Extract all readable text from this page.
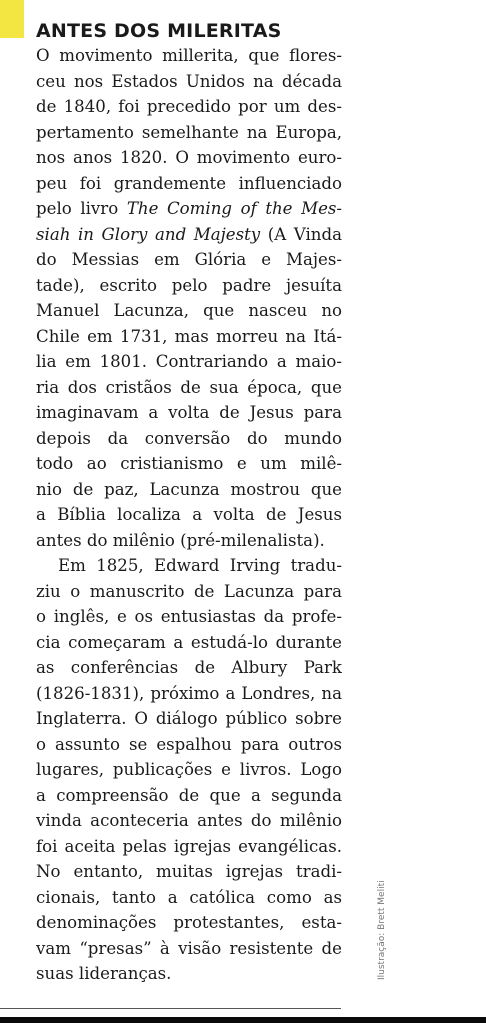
ANTES DOS MILERITAS
O movimento millerita, que flores-
ceu nos Estados Unidos na década
de 1840, foi precedido por um des-
pertamento semelhante na Europa,
nos anos 1820. O movimento euro-
peu foi grandemente influenciado
pelo livro The Coming of the Mes-
siah in Glory and Majesty (A Vinda
do Messias em Glória e Majes-
tade), escrito pelo padre jesuíta
Manuel Lacunza, que nasceu no
Chile em 1731, mas morreu na Itá-
lia em 1801. Contrariando a maio-
ria dos cristãos de sua época, que
imaginavam a volta de Jesus para
depois da conversão do mundo
todo ao cristianismo e um milê-
nio de paz, Lacunza mostrou que
a Bíblia localiza a volta de Jesus
antes do milênio (pré-milenalista).
Em 1825, Edward Irving tradu-
ziu o manuscrito de Lacunza para
o inglês, e os entusiastas da profe-
cia começaram a estudá-lo durante
as conferências de Albury Park
(1826-1831), próximo a Londres, na
Inglaterra. O diálogo público sobre
o assunto se espalhou para outros
lugares, publicações e livros. Logo
a compreensão de que a segunda
vinda aconteceria antes do milênio
foi aceita pelas igrejas evangélicas.
No entanto, muitas igrejas tradi-
cionais, tanto a católica como as
denominações protestantes, esta-
vam “presas” à visão resistente de
suas lideranças.	Ilustração: Brett Meliti
